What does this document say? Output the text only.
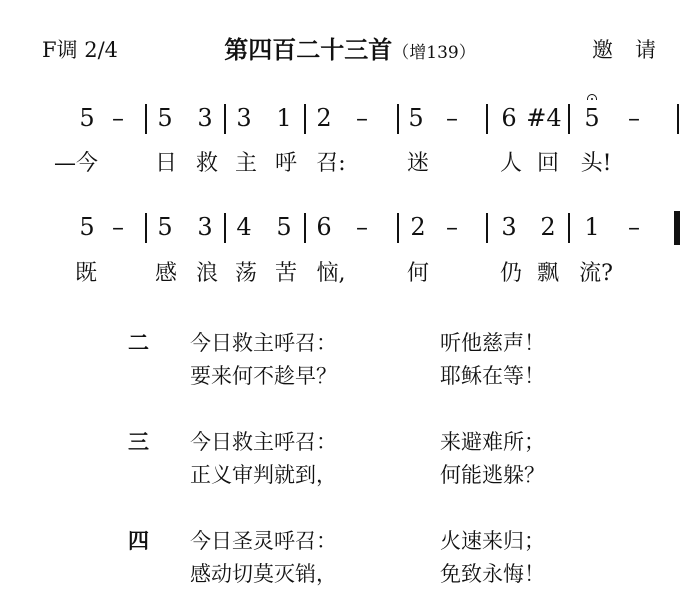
F调 2/4	第四百二十三首（增139）	邀请
5 – 5 3 3 1 2 – 5 – 6 #4 5 –
—今	日 救 主 呼 召:	迷	人 回 头!
5 – 5 3 4 5 6 – 2 – 3 2 1 –
既	感 浪 荡 苦 恼,	何	仍 飘 流?
二 今日救主呼召：	听他慈声！
要来何不趁早？	耶稣在等！
三 今日救主呼召：	来避难所；
正义审判就到，	何能逃躲？
四 今日圣灵呼召：	火速来归；
感动切莫灭销，	免致永悔！
